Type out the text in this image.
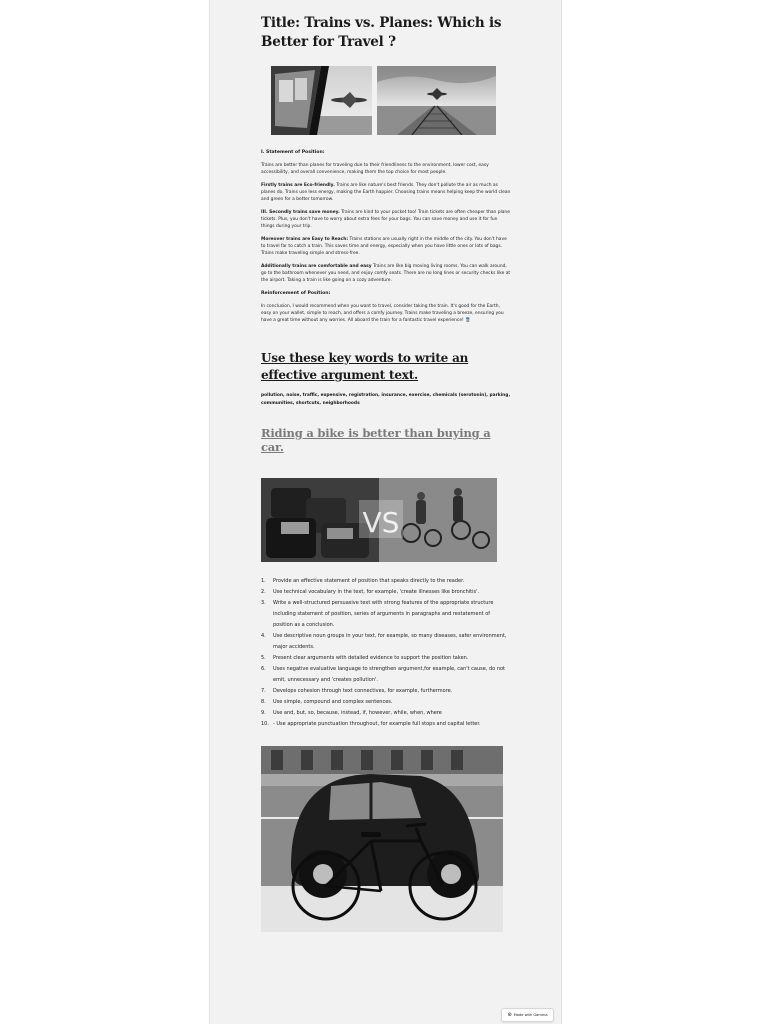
Title: Trains vs. Planes: Which is Better for Travel ?

I. Statement of Position:

Trains are better than planes for traveling due to their friendliness to the environment, lower cost, easy accessibility, and overall convenience, making them the top choice for most people.

Firstly trains are Eco-friendly. Trains are like nature's best friends. They don't pollute the air as much as planes do. Trains use less energy, making the Earth happier. Choosing trains means helping keep the world clean and green for a better tomorrow.

III. Secondly trains save money. Trains are kind to your pocket too! Train tickets are often cheaper than plane tickets. Plus, you don't have to worry about extra fees for your bags. You can save money and use it for fun things during your trip.

Moreover trains are Easy to Reach: Trains stations are usually right in the middle of the city. You don't have to travel far to catch a train. This saves time and energy, especially when you have little ones or lots of bags. Trains make traveling simple and stress-free.

Additionally trains are comfortable and easy Trains are like big moving living rooms. You can walk around, go to the bathroom whenever you need, and enjoy comfy seats. There are no long lines or security checks like at the airport. Taking a train is like going on a cozy adventure.

Reinforcement of Position:

In conclusion, I would recommend when you want to travel, consider taking the train. It's good for the Earth, easy on your wallet, simple to reach, and offers a comfy journey. Trains make traveling a breeze, ensuring you have a great time without any worries. All aboard the train for a fantastic travel experience! 🚆

Use these key words to write an effective argument text.

pollution, noise, traffic, expensive, registration, insurance, exercise, chemicals (serotonin), parking, communities, shortcuts, neighborhoods

Riding a bike is better than buying a car.
VS
1.	Provide an effective statement of position that speaks directly to the reader.
2.	Use technical vocabulary in the text, for example, 'create illnesses like bronchitis'.
3.	Write a well-structured persuasive text with strong features of the appropriate structure including statement of position, series of arguments in paragraphs and restatement of position as a conclusion.
4.	Use descriptive noun groups in your text, for example, so many diseases, safer environment, major accidents.
5.	Present clear arguments with detailed evidence to support the position taken.
6.	Uses negative evaluative language to strengthen argument,for example, can't cause, do not emit, unnecessary and 'creates pollution'.
7.	Develops cohesion through text connectives, for example, furthermore.
8.	Use simple, compound and complex sentences.
9.	Use and, but, so, because, instead, if, however, while, when, where
10. - Use appropriate punctuation throughout, for example full stops and capital letter.
⊛ Made with Gamma
